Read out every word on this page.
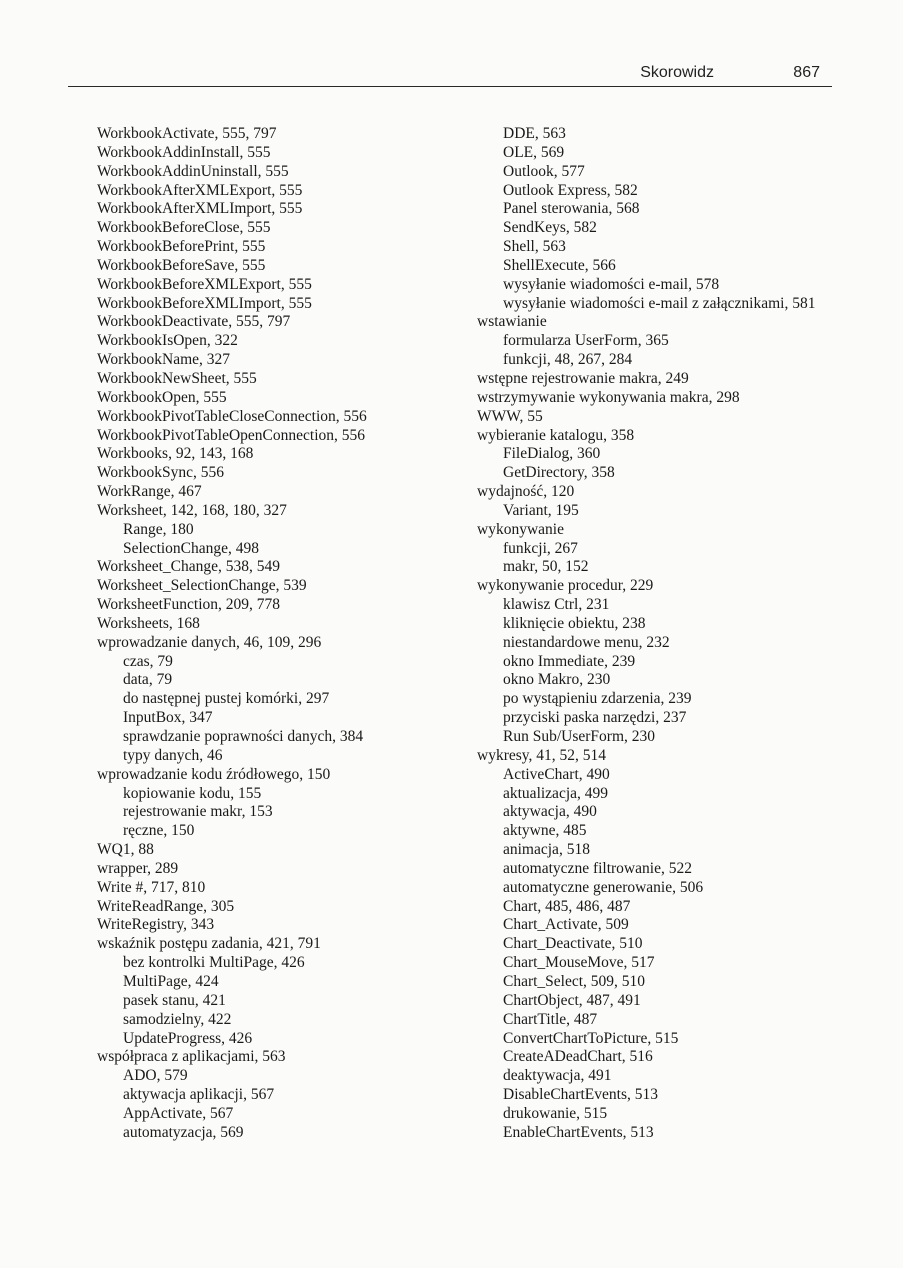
Skorowidz	867
WorkbookActivate, 555, 797
WorkbookAddinInstall, 555
WorkbookAddinUninstall, 555
WorkbookAfterXMLExport, 555
WorkbookAfterXMLImport, 555
WorkbookBeforeClose, 555
WorkbookBeforePrint, 555
WorkbookBeforeSave, 555
WorkbookBeforeXMLExport, 555
WorkbookBeforeXMLImport, 555
WorkbookDeactivate, 555, 797
WorkbookIsOpen, 322
WorkbookName, 327
WorkbookNewSheet, 555
WorkbookOpen, 555
WorkbookPivotTableCloseConnection, 556
WorkbookPivotTableOpenConnection, 556
Workbooks, 92, 143, 168
WorkbookSync, 556
WorkRange, 467
Worksheet, 142, 168, 180, 327
Range, 180
SelectionChange, 498
Worksheet_Change, 538, 549
Worksheet_SelectionChange, 539
WorksheetFunction, 209, 778
Worksheets, 168
wprowadzanie danych, 46, 109, 296
czas, 79
data, 79
do następnej pustej komórki, 297
InputBox, 347
sprawdzanie poprawności danych, 384
typy danych, 46
wprowadzanie kodu źródłowego, 150
kopiowanie kodu, 155
rejestrowanie makr, 153
ręczne, 150
WQ1, 88
wrapper, 289
Write #, 717, 810
WriteReadRange, 305
WriteRegistry, 343
wskaźnik postępu zadania, 421, 791
bez kontrolki MultiPage, 426
MultiPage, 424
pasek stanu, 421
samodzielny, 422
UpdateProgress, 426
współpraca z aplikacjami, 563
ADO, 579
aktywacja aplikacji, 567
AppActivate, 567
automatyzacja, 569
DDE, 563
OLE, 569
Outlook, 577
Outlook Express, 582
Panel sterowania, 568
SendKeys, 582
Shell, 563
ShellExecute, 566
wysyłanie wiadomości e-mail, 578
wysyłanie wiadomości e-mail z załącznikami, 581
wstawianie
formularza UserForm, 365
funkcji, 48, 267, 284
wstępne rejestrowanie makra, 249
wstrzymywanie wykonywania makra, 298
WWW, 55
wybieranie katalogu, 358
FileDialog, 360
GetDirectory, 358
wydajność, 120
Variant, 195
wykonywanie
funkcji, 267
makr, 50, 152
wykonywanie procedur, 229
klawisz Ctrl, 231
kliknięcie obiektu, 238
niestandardowe menu, 232
okno Immediate, 239
okno Makro, 230
po wystąpieniu zdarzenia, 239
przyciski paska narzędzi, 237
Run Sub/UserForm, 230
wykresy, 41, 52, 514
ActiveChart, 490
aktualizacja, 499
aktywacja, 490
aktywne, 485
animacja, 518
automatyczne filtrowanie, 522
automatyczne generowanie, 506
Chart, 485, 486, 487
Chart_Activate, 509
Chart_Deactivate, 510
Chart_MouseMove, 517
Chart_Select, 509, 510
ChartObject, 487, 491
ChartTitle, 487
ConvertChartToPicture, 515
CreateADeadChart, 516
deaktywacja, 491
DisableChartEvents, 513
drukowanie, 515
EnableChartEvents, 513
